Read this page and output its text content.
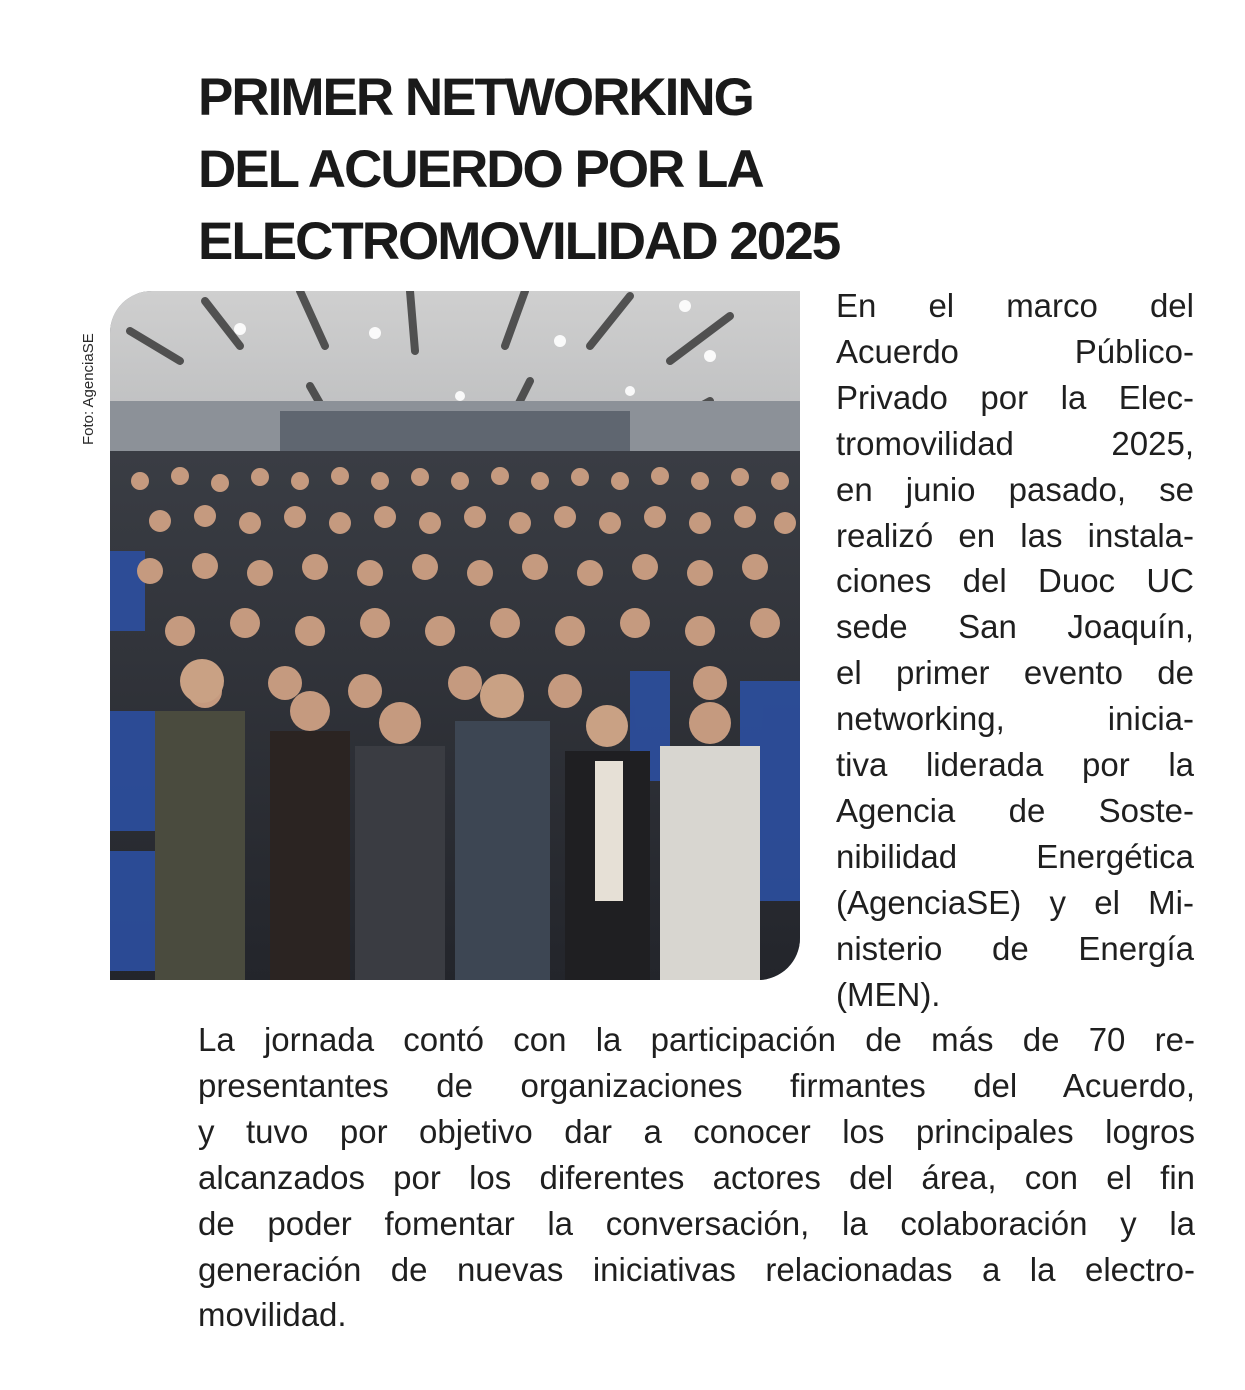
PRIMER NETWORKING
DEL ACUERDO POR LA
ELECTROMOVILIDAD 2025
Foto: AgenciaSE

En el marco del
Acuerdo Público-
Privado por la Elec-
tromovilidad 2025,
en junio pasado, se
realizó en las instala-
ciones del Duoc UC
sede San Joaquín,
el primer evento de
networking, inicia-
tiva liderada por la
Agencia de Soste-
nibilidad Energética
(AgenciaSE) y el Mi-
nisterio de Energía
(MEN).

La jornada contó con la participación de más de 70 re-
presentantes de organizaciones firmantes del Acuerdo,
y tuvo por objetivo dar a conocer los principales logros
alcanzados por los diferentes actores del área, con el fin
de poder fomentar la conversación, la colaboración y la
generación de nuevas iniciativas relacionadas a la electro-
movilidad.
